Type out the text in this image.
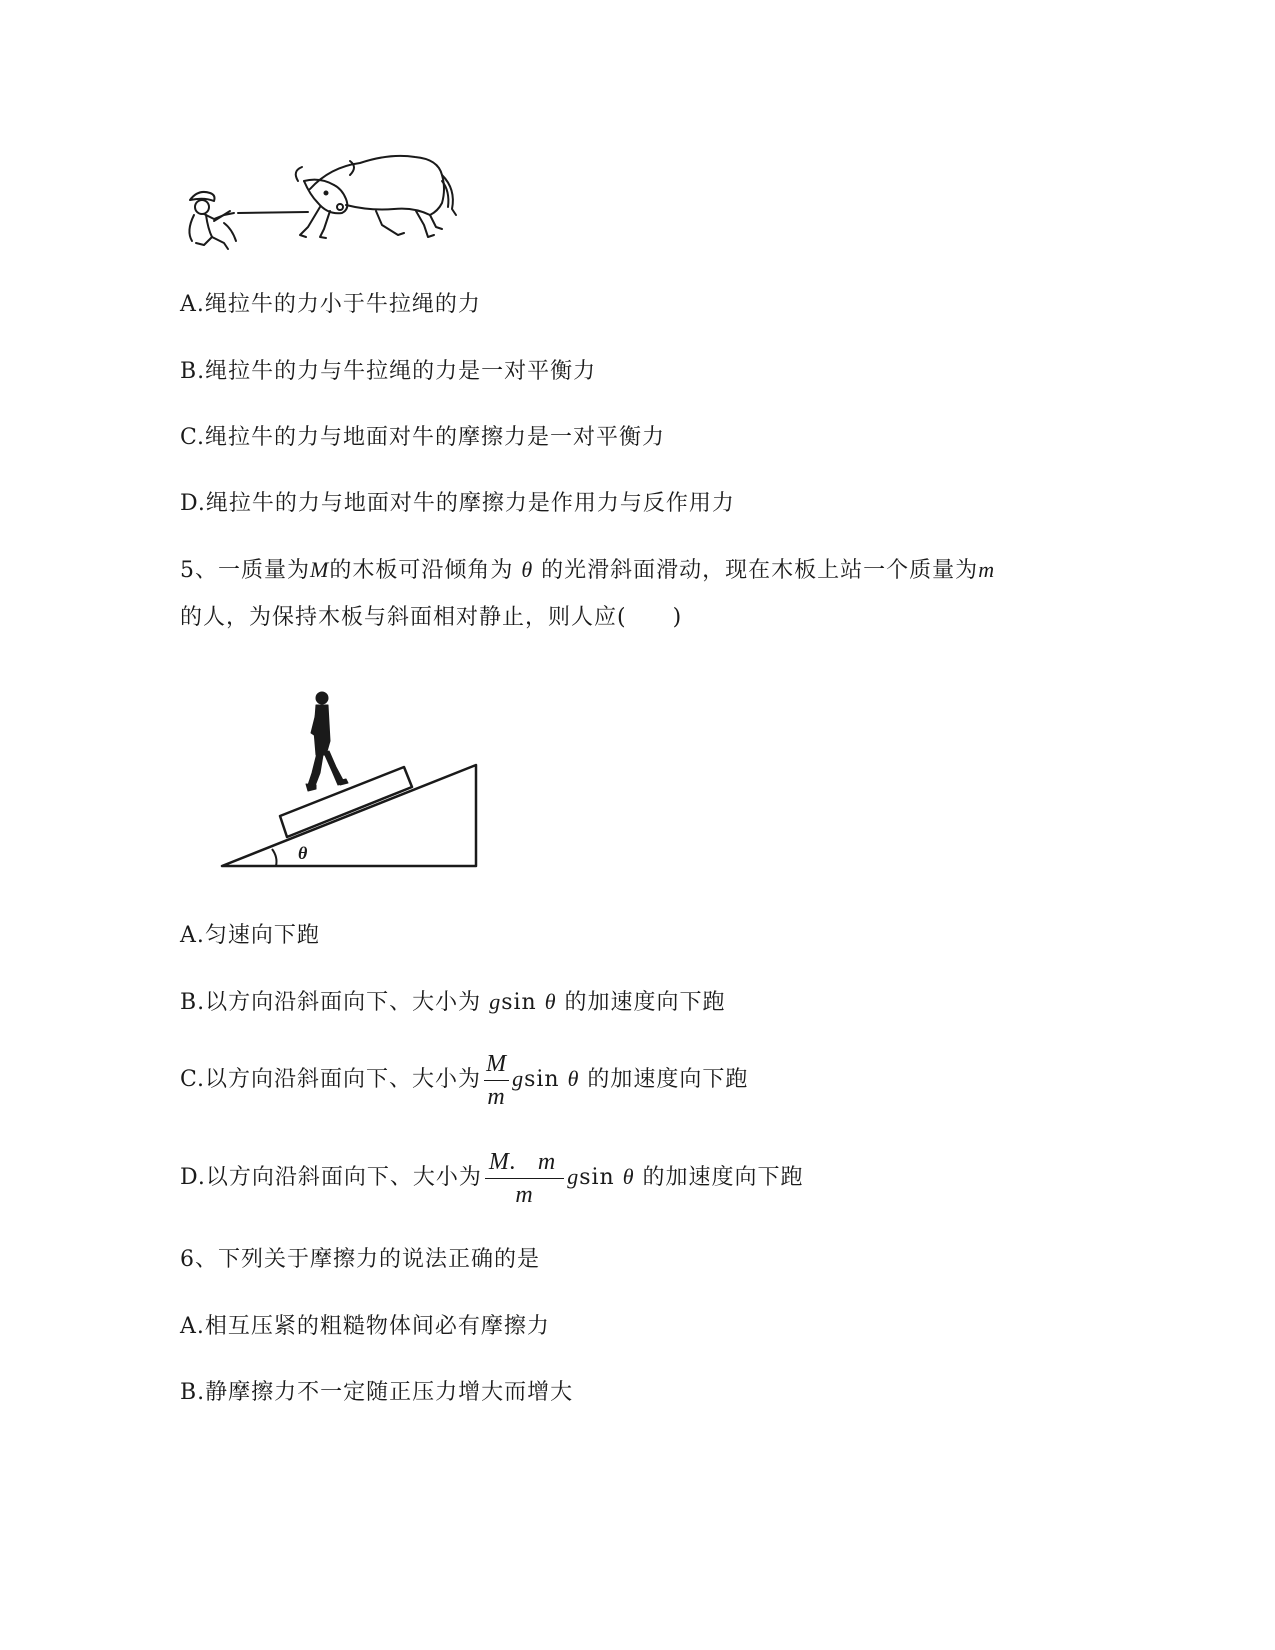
A.绳拉牛的力小于牛拉绳的力
B.绳拉牛的力与牛拉绳的力是一对平衡力
C.绳拉牛的力与地面对牛的摩擦力是一对平衡力
D.绳拉牛的力与地面对牛的摩擦力是作用力与反作用力
5、一质量为M的木板可沿倾角为 θ 的光滑斜面滑动，现在木板上站一个质量为m
的人，为保持木板与斜面相对静止，则人应(　　)
θ
A.匀速向下跑
B.以方向沿斜面向下、大小为 gsin θ 的加速度向下跑
C.以方向沿斜面向下、大小为 $\frac{M}{m}$ gsin θ 的加速度向下跑
D.以方向沿斜面向下、大小为 $\frac{M. m}{m}$ gsin θ 的加速度向下跑
6、下列关于摩擦力的说法正确的是
A.相互压紧的粗糙物体间必有摩擦力
B.静摩擦力不一定随正压力增大而增大
